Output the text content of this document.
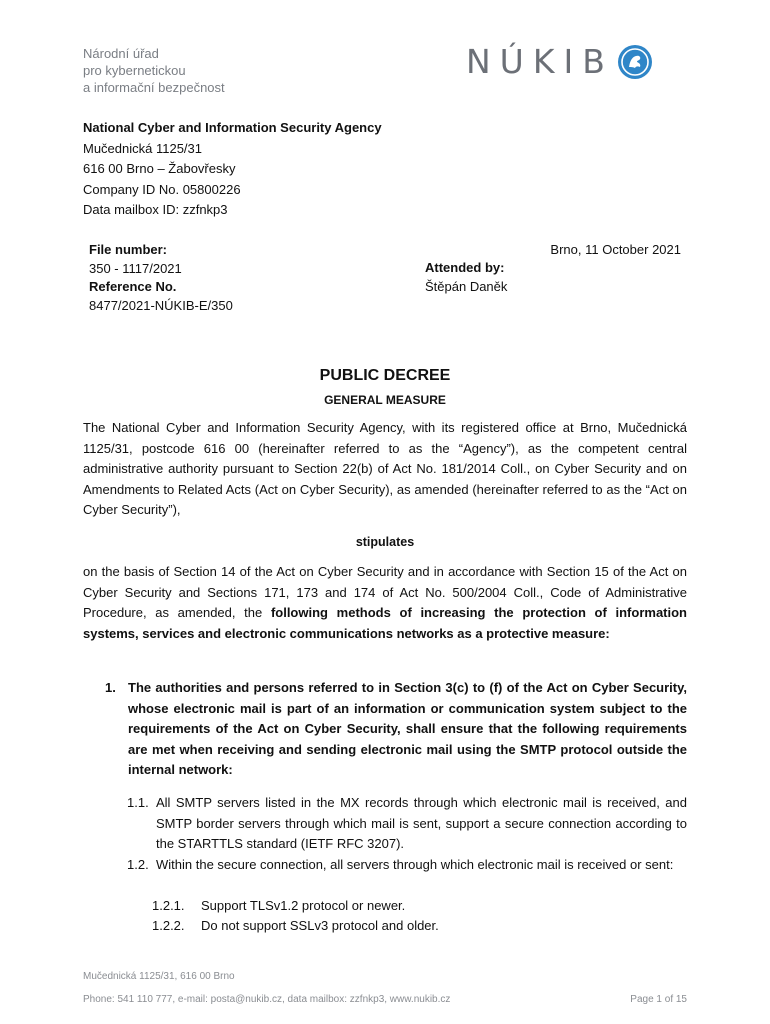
Národní úřad
pro kybernetickou
a informační bezpečnost
NÚKIB
National Cyber and Information Security Agency
Mučednická 1125/31
616 00 Brno – Žabovřesky
Company ID No. 05800226
Data mailbox ID: zzfnkp3
File number:
350 - 1117/2021
Reference No.
8477/2021-NÚKIB-E/350
Brno, 11 October 2021
Attended by:
Štěpán Daněk
PUBLIC DECREE
GENERAL MEASURE
The National Cyber and Information Security Agency, with its registered office at Brno, Mučednická 1125/31, postcode 616 00 (hereinafter referred to as the “Agency”), as the competent central administrative authority pursuant to Section 22(b) of Act No. 181/2014 Coll., on Cyber Security and on Amendments to Related Acts (Act on Cyber Security), as amended (hereinafter referred to as the “Act on Cyber Security”),
stipulates
on the basis of Section 14 of the Act on Cyber Security and in accordance with Section 15 of the Act on Cyber Security and Sections 171, 173 and 174 of Act No. 500/2004 Coll., Code of Administrative Procedure, as amended, the following methods of increasing the protection of information systems, services and electronic communications networks as a protective measure:
1. The authorities and persons referred to in Section 3(c) to (f) of the Act on Cyber Security, whose electronic mail is part of an information or communication system subject to the requirements of the Act on Cyber Security, shall ensure that the following requirements are met when receiving and sending electronic mail using the SMTP protocol outside the internal network:
1.1. All SMTP servers listed in the MX records through which electronic mail is received, and SMTP border servers through which mail is sent, support a secure connection according to the STARTTLS standard (IETF RFC 3207).
1.2. Within the secure connection, all servers through which electronic mail is received or sent:
1.2.1. Support TLSv1.2 protocol or newer.
1.2.2. Do not support SSLv3 protocol and older.
Mučednická 1125/31, 616 00 Brno
Phone: 541 110 777, e-mail: posta@nukib.cz, data mailbox: zzfnkp3, www.nukib.cz	Page 1 of 15
